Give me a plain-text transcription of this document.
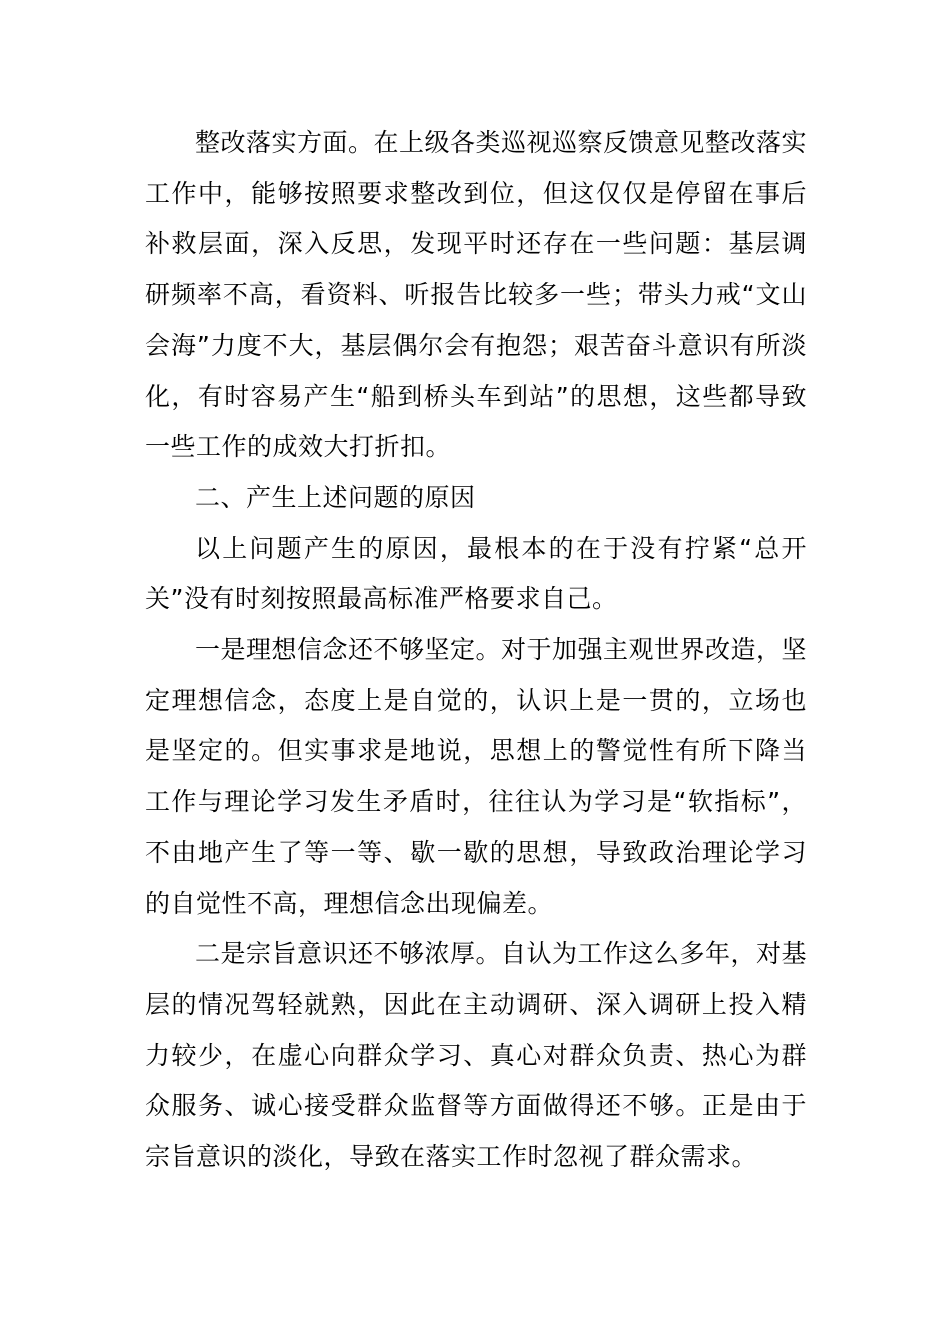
整改落实方面。在上级各类巡视巡察反馈意见整改落实工作中，能够按照要求整改到位，但这仅仅是停留在事后补救层面，深入反思，发现平时还存在一些问题：基层调研频率不高，看资料、听报告比较多一些；带头力戒“文山会海”力度不大，基层偶尔会有抱怨；艰苦奋斗意识有所淡化，有时容易产生“船到桥头车到站”的思想，这些都导致一些工作的成效大打折扣。

二、产生上述问题的原因

以上问题产生的原因，最根本的在于没有拧紧“总开关”没有时刻按照最高标准严格要求自己。

一是理想信念还不够坚定。对于加强主观世界改造，坚定理想信念，态度上是自觉的，认识上是一贯的，立场也是坚定的。但实事求是地说，思想上的警觉性有所下降当工作与理论学习发生矛盾时，往往认为学习是“软指标”，不由地产生了等一等、歇一歇的思想，导致政治理论学习的自觉性不高，理想信念出现偏差。

二是宗旨意识还不够浓厚。自认为工作这么多年，对基层的情况驾轻就熟，因此在主动调研、深入调研上投入精力较少，在虚心向群众学习、真心对群众负责、热心为群众服务、诚心接受群众监督等方面做得还不够。正是由于宗旨意识的淡化，导致在落实工作时忽视了群众需求。
